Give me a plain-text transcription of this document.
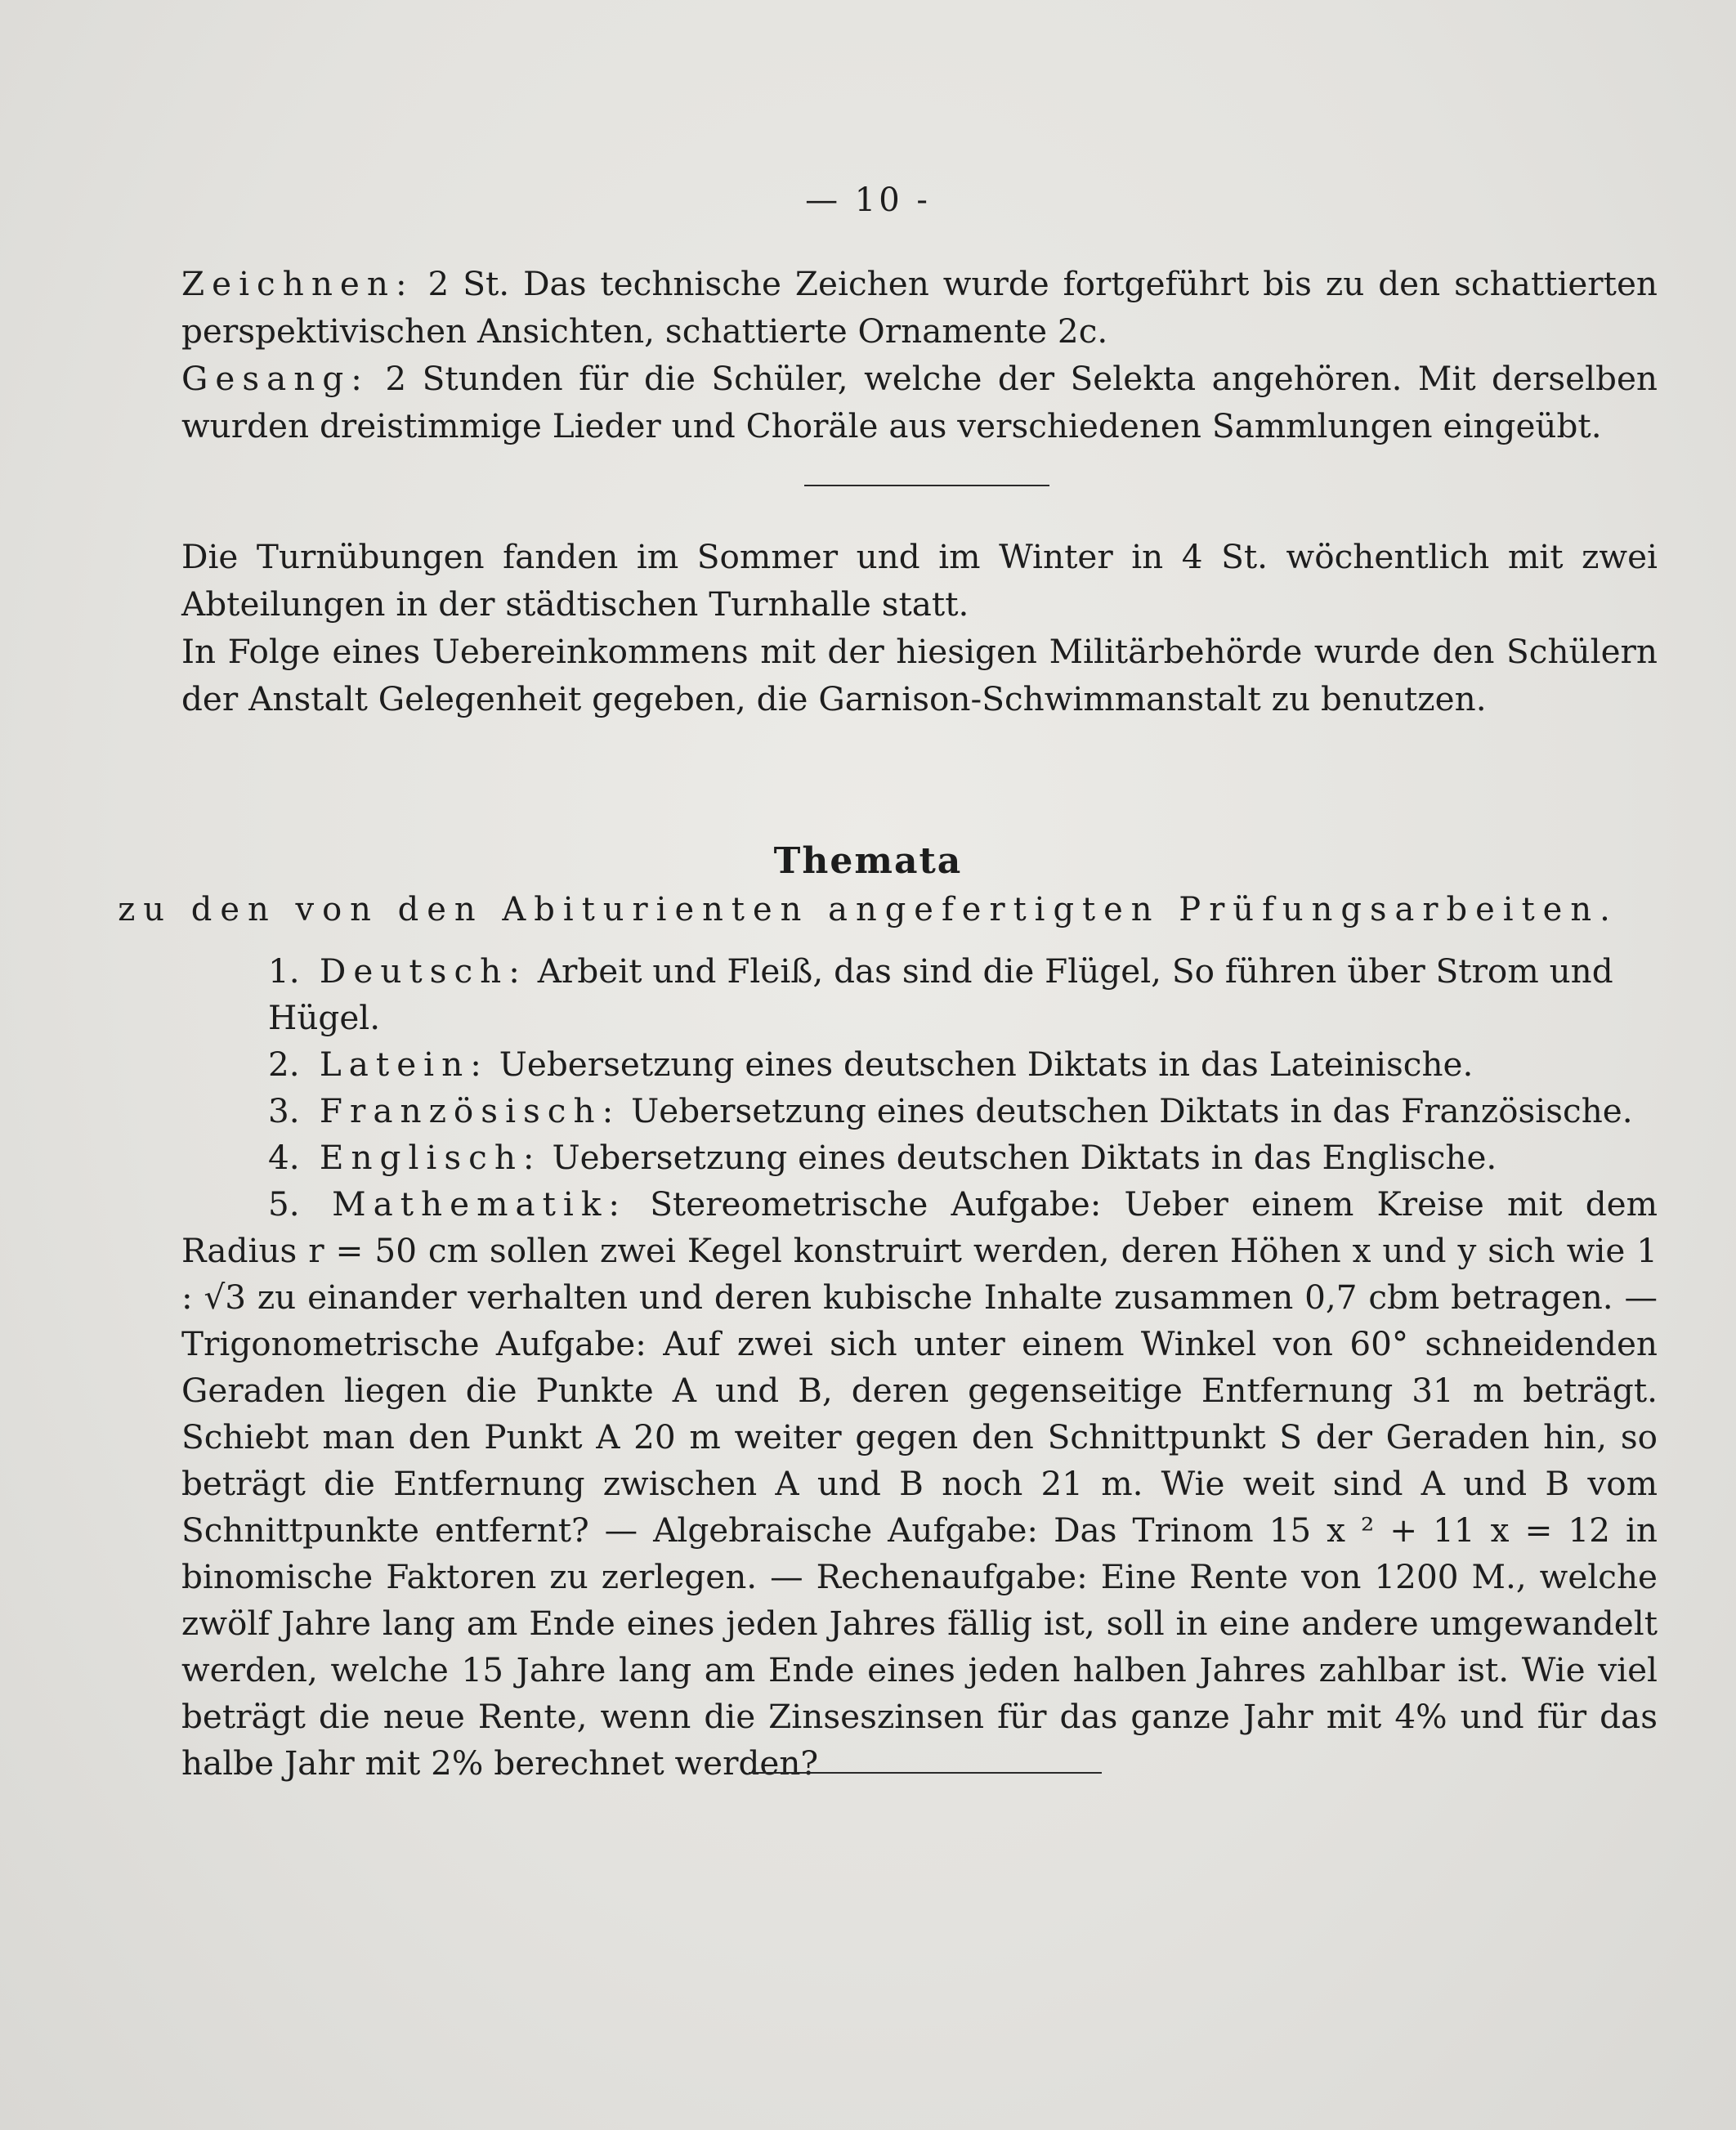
— 10 -

Zeichnen: 2 St. Das technische Zeichen wurde fortgeführt bis zu den schattierten perspektivischen Ansichten, schattierte Ornamente 2c.

Gesang: 2 Stunden für die Schüler, welche der Selekta angehören. Mit derselben wurden dreistimmige Lieder und Choräle aus verschiedenen Sammlungen eingeübt.

Die Turnübungen fanden im Sommer und im Winter in 4 St. wöchentlich mit zwei Abteilungen in der städtischen Turnhalle statt.

In Folge eines Uebereinkommens mit der hiesigen Militärbehörde wurde den Schülern der Anstalt Gelegenheit gegeben, die Garnison-Schwimmanstalt zu benutzen.

Themata
zu den von den Abiturienten angefertigten Prüfungsarbeiten.

1. Deutsch: Arbeit und Fleiß, das sind die Flügel, So führen über Strom und Hügel.

2. Latein: Uebersetzung eines deutschen Diktats in das Lateinische.

3. Französisch: Uebersetzung eines deutschen Diktats in das Französische.

4. Englisch: Uebersetzung eines deutschen Diktats in das Englische.

5. Mathematik: Stereometrische Aufgabe: Ueber einem Kreise mit dem Radius r = 50 cm sollen zwei Kegel konstruirt werden, deren Höhen x und y sich wie 1 : √3 zu einander verhalten und deren kubische Inhalte zusammen 0,7 cbm betragen. — Trigonometrische Aufgabe: Auf zwei sich unter einem Winkel von 60° schneidenden Geraden liegen die Punkte A und B, deren gegenseitige Entfernung 31 m beträgt. Schiebt man den Punkt A 20 m weiter gegen den Schnittpunkt S der Geraden hin, so beträgt die Entfernung zwischen A und B noch 21 m. Wie weit sind A und B vom Schnittpunkte entfernt? — Algebraische Aufgabe: Das Trinom 15 x ² + 11 x = 12 in binomische Faktoren zu zerlegen. — Rechenaufgabe: Eine Rente von 1200 M., welche zwölf Jahre lang am Ende eines jeden Jahres fällig ist, soll in eine andere umgewandelt werden, welche 15 Jahre lang am Ende eines jeden halben Jahres zahlbar ist. Wie viel beträgt die neue Rente, wenn die Zinseszinsen für das ganze Jahr mit 4% und für das halbe Jahr mit 2% berechnet werden?
